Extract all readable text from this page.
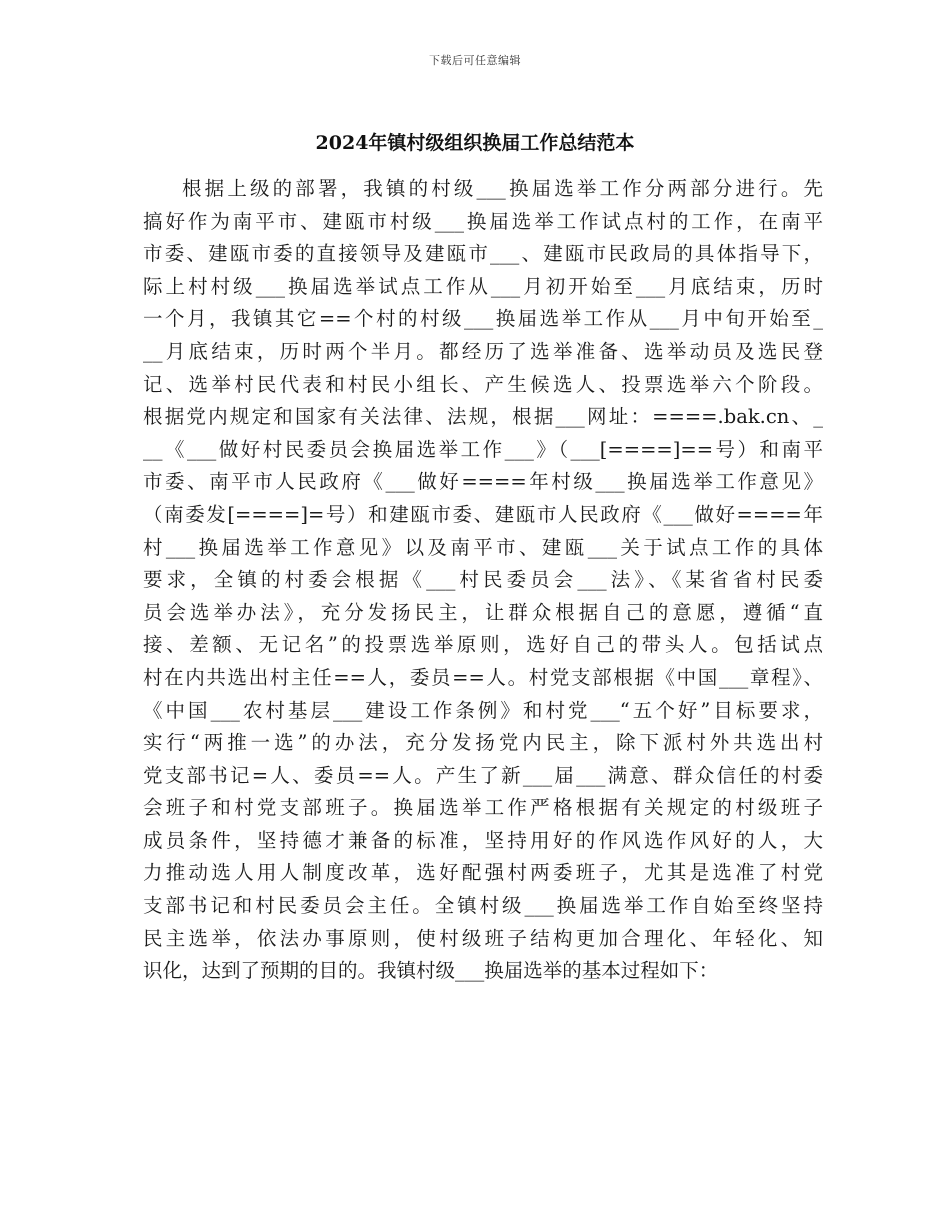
下载后可任意编辑
2024年镇村级组织换届工作总结范本
根据上级的部署，我镇的村级___换届选举工作分两部分进行。先
搞好作为南平市、建瓯市村级___换届选举工作试点村的工作，在南平
市委、建瓯市委的直接领导及建瓯市___、建瓯市民政局的具体指导下，
际上村村级___换届选举试点工作从___月初开始至___月底结束，历时
一个月，我镇其它==个村的村级___换届选举工作从___月中旬开始至_
__月底结束，历时两个半月。都经历了选举准备、选举动员及选民登
记、选举村民代表和村民小组长、产生候选人、投票选举六个阶段。
根据党内规定和国家有关法律、法规，根据___网址：====.bak.cn、_
__《___做好村民委员会换届选举工作___》（___[====]==号）和南平
市委、南平市人民政府《___做好====年村级___换届选举工作意见》
（南委发[====]=号）和建瓯市委、建瓯市人民政府《___做好====年
村___换届选举工作意见》以及南平市、建瓯___关于试点工作的具体
要求，全镇的村委会根据《___村民委员会___法》、《某省省村民委
员会选举办法》，充分发扬民主，让群众根据自己的意愿，遵循“直
接、差额、无记名”的投票选举原则，选好自己的带头人。包括试点
村在内共选出村主任==人，委员==人。村党支部根据《中国___章程》、
《中国___农村基层___建设工作条例》和村党___“五个好”目标要求，
实行“两推一选”的办法，充分发扬党内民主，除下派村外共选出村
党支部书记=人、委员==人。产生了新___届___满意、群众信任的村委
会班子和村党支部班子。换届选举工作严格根据有关规定的村级班子
成员条件，坚持德才兼备的标准，坚持用好的作风选作风好的人，大
力推动选人用人制度改革，选好配强村两委班子，尤其是选准了村党
支部书记和村民委员会主任。全镇村级___换届选举工作自始至终坚持
民主选举，依法办事原则，使村级班子结构更加合理化、年轻化、知
识化，达到了预期的目的。我镇村级___换届选举的基本过程如下：
